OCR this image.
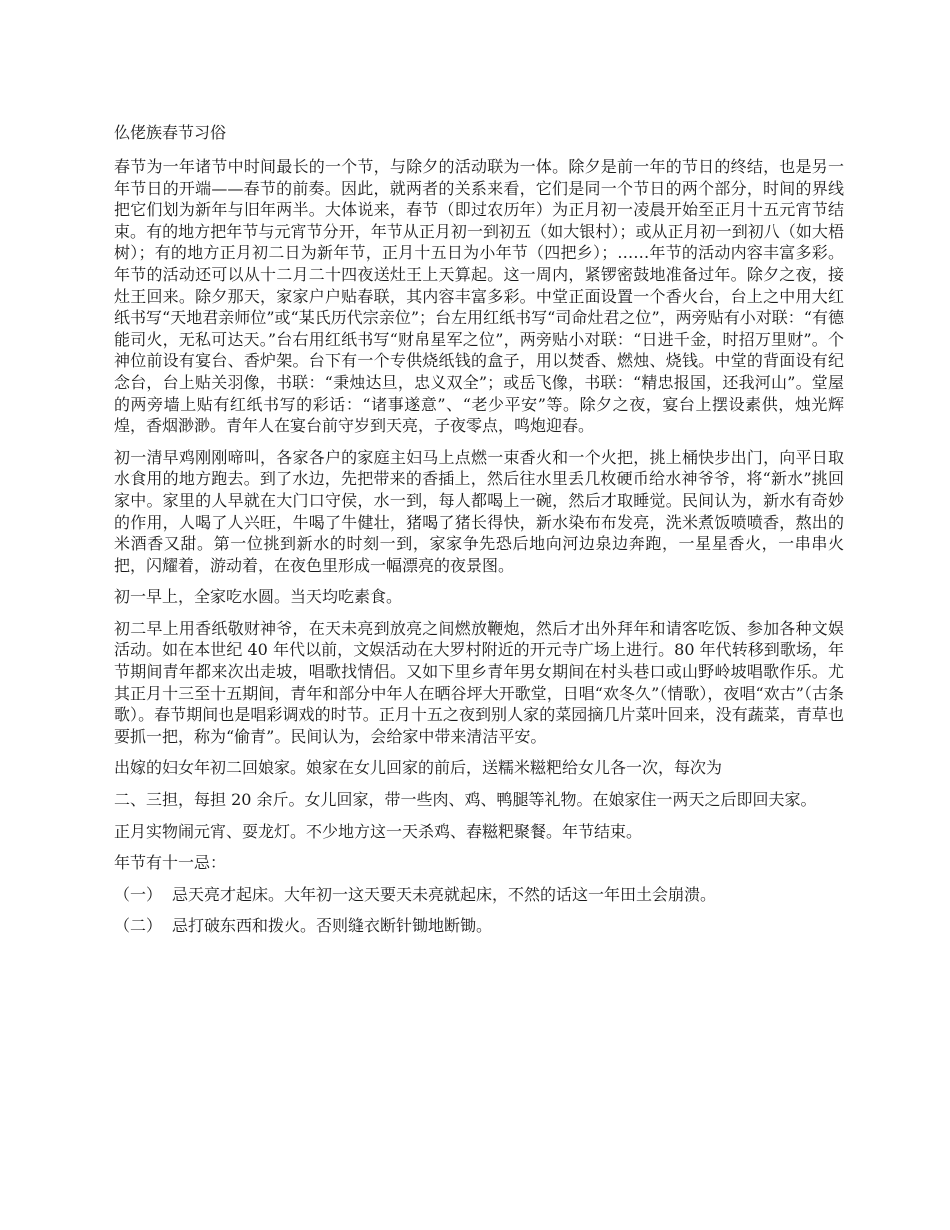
仫佬族春节习俗

春节为一年诸节中时间最长的一个节，与除夕的活动联为一体。除夕是前一年的节日的终结，也是另一年节日的开端——春节的前奏。因此，就两者的关系来看，它们是同一个节日的两个部分，时间的界线把它们划为新年与旧年两半。大体说来，春节（即过农历年）为正月初一凌晨开始至正月十五元宵节结束。有的地方把年节与元宵节分开，年节从正月初一到初五（如大银村）；或从正月初一到初八（如大梧树）；有的地方正月初二日为新年节，正月十五日为小年节（四把乡）；……年节的活动内容丰富多彩。年节的活动还可以从十二月二十四夜送灶王上天算起。这一周内，紧锣密鼓地准备过年。除夕之夜，接灶王回来。除夕那天，家家户户贴春联，其内容丰富多彩。中堂正面设置一个香火台，台上之中用大红纸书写“天地君亲师位”或“某氏历代宗亲位”；台左用红纸书写“司命灶君之位”，两旁贴有小对联：“有德能司火，无私可达天。”台右用红纸书写“财帛星军之位”，两旁贴小对联：“日进千金，时招万里财”。个神位前设有宴台、香炉架。台下有一个专供烧纸钱的盒子，用以焚香、燃烛、烧钱。中堂的背面设有纪念台，台上贴关羽像，书联：“秉烛达旦，忠义双全”；或岳飞像，书联：“精忠报国，还我河山”。堂屋的两旁墙上贴有红纸书写的彩话：“诸事遂意”、“老少平安”等。除夕之夜，宴台上摆设素供，烛光辉煌，香烟渺渺。青年人在宴台前守岁到天亮，子夜零点，鸣炮迎春。

初一清早鸡刚刚啼叫，各家各户的家庭主妇马上点燃一束香火和一个火把，挑上桶快步出门，向平日取水食用的地方跑去。到了水边，先把带来的香插上，然后往水里丢几枚硬币给水神爷爷，将“新水”挑回家中。家里的人早就在大门口守侯，水一到，每人都喝上一碗，然后才取睡觉。民间认为，新水有奇妙的作用，人喝了人兴旺，牛喝了牛健壮，猪喝了猪长得快，新水染布布发亮，洗米煮饭喷喷香，熬出的米酒香又甜。第一位挑到新水的时刻一到，家家争先恐后地向河边泉边奔跑，一星星香火，一串串火把，闪耀着，游动着，在夜色里形成一幅漂亮的夜景图。

初一早上，全家吃水圆。当天均吃素食。

初二早上用香纸敬财神爷，在天未亮到放亮之间燃放鞭炮，然后才出外拜年和请客吃饭、参加各种文娱活动。如在本世纪 40 年代以前，文娱活动在大罗村附近的开元寺广场上进行。80 年代转移到歌场，年节期间青年都来次出走坡，唱歌找情侣。又如下里乡青年男女期间在村头巷口或山野岭坡唱歌作乐。尤其正月十三至十五期间，青年和部分中年人在晒谷坪大开歌堂，日唱“欢冬久”（情歌），夜唱“欢古”（古条歌）。春节期间也是唱彩调戏的时节。正月十五之夜到别人家的菜园摘几片菜叶回来，没有蔬菜，青草也要抓一把，称为“偷青”。民间认为，会给家中带来清洁平安。

出嫁的妇女年初二回娘家。娘家在女儿回家的前后，送糯米糍粑给女儿各一次，每次为

二、三担，每担 20 余斤。女儿回家，带一些肉、鸡、鸭腿等礼物。在娘家住一两天之后即回夫家。

正月实物闹元宵、耍龙灯。不少地方这一天杀鸡、舂糍粑聚餐。年节结束。

年节有十一忌：

（一） 忌天亮才起床。大年初一这天要天未亮就起床，不然的话这一年田土会崩溃。
（二） 忌打破东西和拨火。否则缝衣断针锄地断锄。
